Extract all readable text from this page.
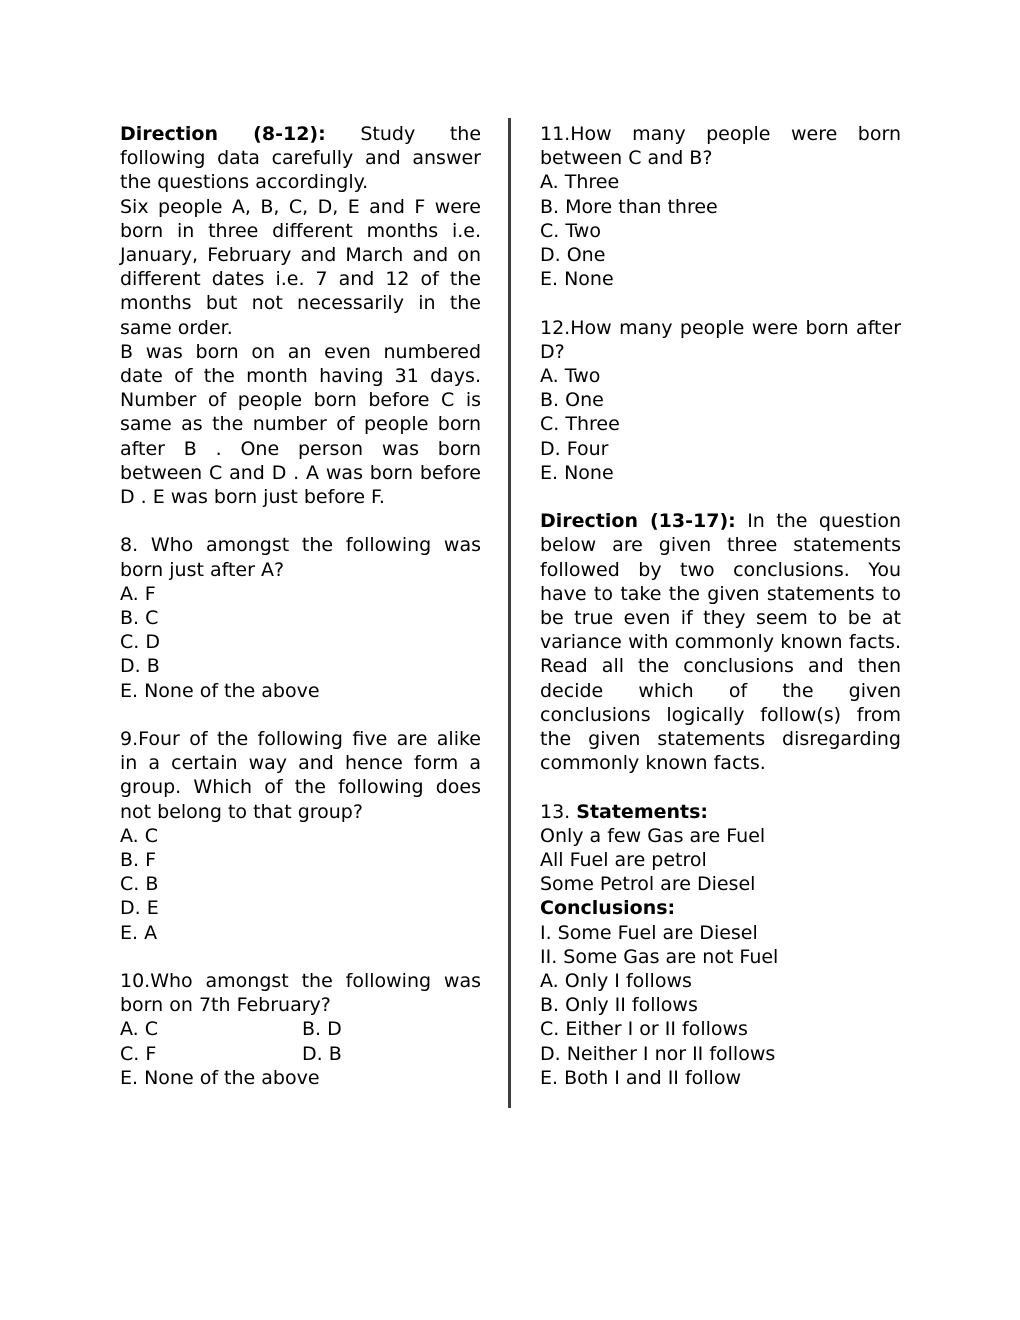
Direction (8-12): Study the following data carefully and answer the questions accordingly.

Six people A, B, C, D, E and F were born in three different months i.e. January, February and March and on different dates i.e. 7 and 12 of the months but not necessarily in the same order.

B was born on an even numbered date of the month having 31 days. Number of people born before C is same as the number of people born after B . One person was born between C and D . A was born before D . E was born just before F.

8. Who amongst the following was born just after A?

A. F
B. C
C. D
D. B
E. None of the above

9.Four of the following five are alike in a certain way and hence form a group. Which of the following does not belong to that group?

A. C
B. F
C. B
D. E
E. A

10.Who amongst the following was born on 7th February?

A. C	B. D
C. F	D. B
E. None of the above

11.How many people were born between C and B?

A. Three
B. More than three
C. Two
D. One
E. None

12.How many people were born after D?

A. Two
B. One
C. Three
D. Four
E. None

Direction (13-17): In the question below are given three statements followed by two conclusions. You have to take the given statements to be true even if they seem to be at variance with commonly known facts. Read all the conclusions and then decide which of the given conclusions logically follow(s) from the given statements disregarding commonly known facts.

13. Statements:

Only a few Gas are Fuel
All Fuel are petrol
Some Petrol are Diesel

Conclusions:

I. Some Fuel are Diesel
II. Some Gas are not Fuel
A. Only I follows
B. Only II follows
C. Either I or II follows
D. Neither I nor II follows
E. Both I and II follow
